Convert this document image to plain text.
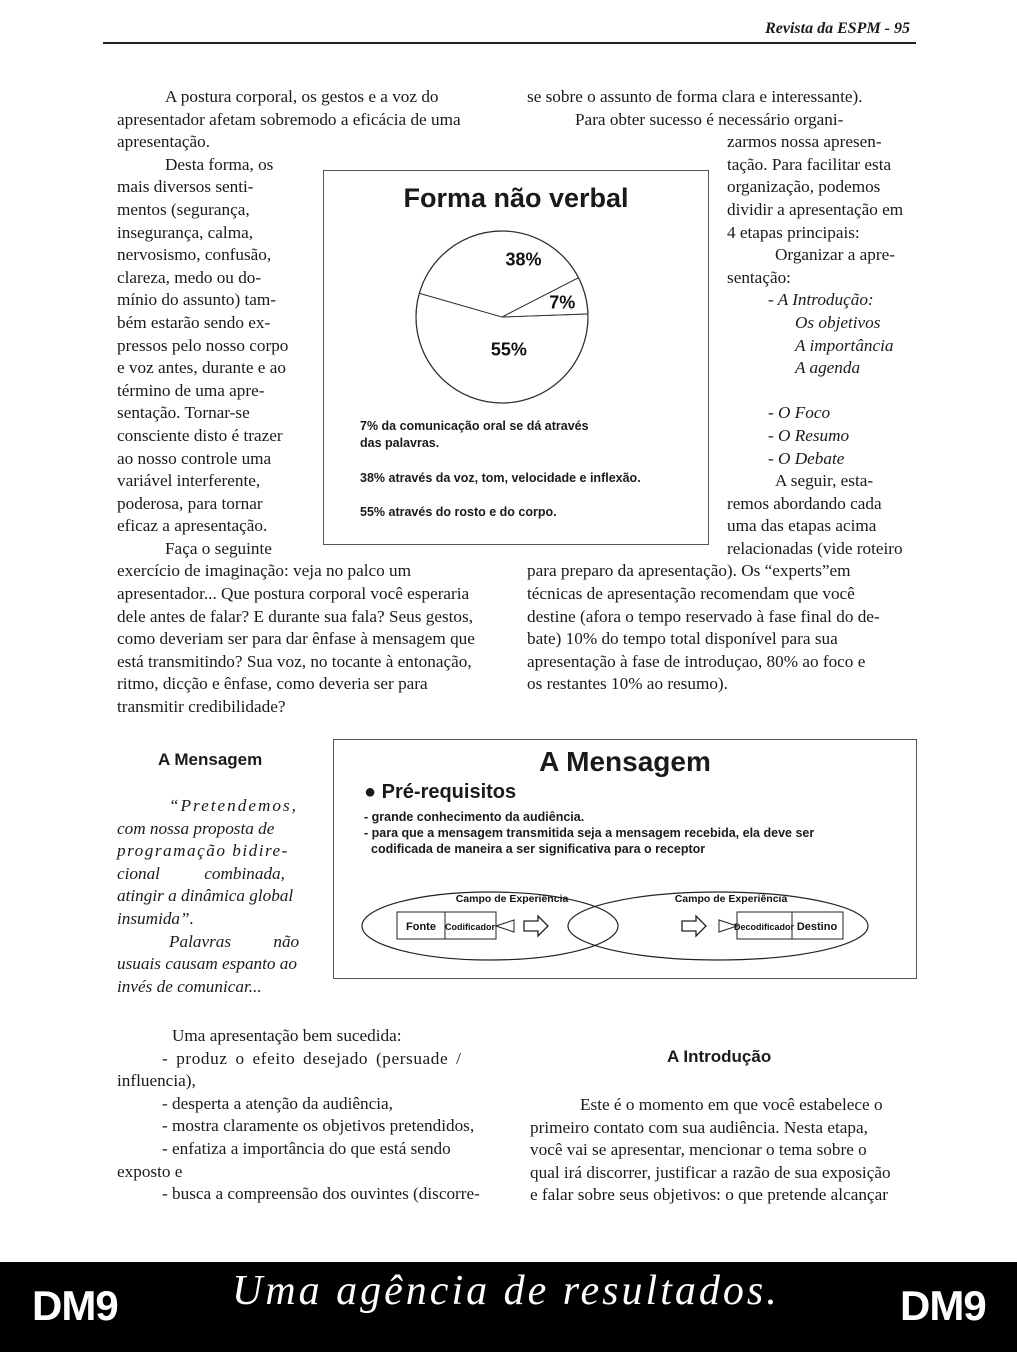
Revista da ESPM - 95
A postura corporal, os gestos e a voz do
apresentador afetam sobremodo a eficácia de uma
apresentação.
Desta forma, os
mais diversos senti-
mentos (segurança,
insegurança, calma,
nervosismo, confusão,
clareza, medo ou do-
mínio do assunto) tam-
bém estarão sendo ex-
pressos pelo nosso corpo
e voz antes, durante e ao
término de uma apre-
sentação. Tornar-se
consciente disto é trazer
ao nosso controle uma
variável interferente,
poderosa, para tornar
eficaz a apresentação.
Faça o seguinte
exercício de imaginação: veja no palco um
apresentador... Que postura corporal você esperaria
dele antes de falar? E durante sua fala? Seus gestos,
como deveriam ser para dar ênfase à mensagem que
está transmitindo? Sua voz, no tocante à entonação,
ritmo, dicção e ênfase, como deveria ser para
transmitir credibilidade?
se sobre o assunto de forma clara e interessante).
Para obter sucesso é necessário organi-
zarmos nossa apresen-
tação. Para facilitar esta
organização, podemos
dividir a apresentação em
4 etapas principais:
Organizar a apre-
sentação:
- A Introdução:
Os objetivos
A importância
A agenda
- O Foco
- O Resumo
- O Debate
A seguir, esta-
remos abordando cada
uma das etapas acima
relacionadas (vide roteiro
para preparo da apresentação). Os “experts”em
técnicas de apresentação recomendam que você
destine (afora o tempo reservado à fase final do de-
bate) 10% do tempo total disponível para sua
apresentação à fase de introduçao, 80% ao foco e
os restantes 10% ao resumo).
Forma não verbal
38%
7%
55%
7% da comunicação oral se dá através
das palavras.
38% através da voz, tom, velocidade e inflexão.
55% através do rosto e do corpo.
A Mensagem
“Pretendemos,
com nossa proposta de
programação bidire-
cional combinada,
atingir a dinâmica global
insumida”.
Palavras não
usuais causam espanto ao
invés de comunicar...
A Mensagem
● Pré-requisitos
- grande conhecimento da audiência.
- para que a mensagem transmitida seja a mensagem recebida, ela deve ser
codificada de maneira a ser significativa para o receptor
Campo de Experiência	Campo de Experiência
Fonte Codificador	Decodificador Destino
Uma apresentação bem sucedida:
- produz o efeito desejado (persuade /
influencia),
- desperta a atenção da audiência,
- mostra claramente os objetivos pretendidos,
- enfatiza a importância do que está sendo
exposto e
- busca a compreensão dos ouvintes (discorre-
A Introdução
Este é o momento em que você estabelece o
primeiro contato com sua audiência. Nesta etapa,
você vai se apresentar, mencionar o tema sobre o
qual irá discorrer, justificar a razão de sua exposição
e falar sobre seus objetivos: o que pretende alcançar
DM9	Uma agência de resultados.	DM9
